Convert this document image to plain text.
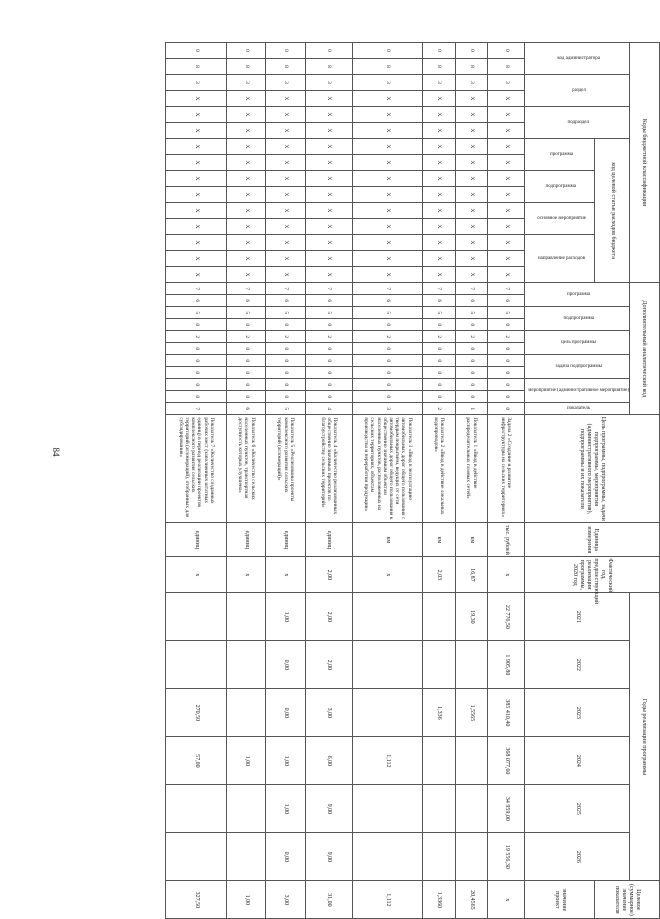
84
Коды бюджетной классификации															Дополнительный аналитический код											Цель программы, подпрограммы, задачи подпрограммы, мероприятия (административного мероприятия), подпрограммы и их показатели	Единица измерения	Фактический год, предшествующий реализации программы, 2020 год	Годы реализации программы						Целевое (суммарное) значение показателя
код администратора		раздел		подраздел		код целевой статьи расходов бюджета									программа		подпрограмма		цель программы		задача подпрограммы		мероприятие (административное мероприятие)		показатель				2021	2022	2023	2024	2025	2026	
						программа		подпрограмма		основное мероприятие		направление расходов																							значение проект
0	8	3	Х	Х	Х	Х	Х	Х	Х	Х	Х	Х	Х	Х	7	6	5	0	2	0	0	0	0	0	0	Задача 2 «Создание и развитие инфраструктуры на сельских территориях»	тыс. рублей	х	22 776,50	1 905,80	385 410,40	368 077,60	34 959,00	19 556,30	х
0	8	3	Х	Х	Х	Х	Х	Х	Х	Х	Х	Х	Х	Х	7	6	5	0	2	0	0	0	0	0	1	Показатель 1 «Ввод в действие распределительных газовых сетей»	км	16,87	19,30		1,5565				20,4565
0	8	3	Х	Х	Х	Х	Х	Х	Х	Х	Х	Х	Х	Х	7	6	5	0	2	0	0	0	0	0	2	Показатель 2 «Ввод в действие локальных водопроводов»	км	2,03			1,336				1,3360
0	8	3	Х	Х	Х	Х	Х	Х	Х	Х	Х	Х	Х	Х	7	6	5	0	2	0	0	0	0	0	3	Показатель 3 «Ввод в эксплуатацию автомобильных дорог общего пользования с твердым покрытием, ведущих от сети автомобильных дорог общего пользования к общественно значимым объектам населенных пунктов, расположенных на сельских территориях, объектам производства и переработки продукции»	км	х				1,112			1,112
0	8	3	Х	Х	Х	Х	Х	Х	Х	Х	Х	Х	Х	Х	7	6	5	0	2	0	0	0	0	0	4	Показатель 4 «Количество реализованных общественно значимых проектов по благоустройству сельских территорий»	единиц	2,00	2,00	2,00	3,00	6,00	9,00	9,00	31,00
0	8	3	Х	Х	Х	Х	Х	Х	Х	Х	Х	Х	Х	Х	7	6	5	0	2	0	0	0	0	0	5	Показатель 5 «Реализованы проекты комплексного развития сельских территорий (агломераций)»	единиц	х	1,00	0,00	0,00	1,00	1,00	0,00	3,00
0	8	3	Х	Х	Х	Х	Х	Х	Х	Х	Х	Х	Х	Х	7	6	5	0	2	0	0	0	0	0	6	Показатель 6 «Количество сельских населенных пунктов, транспортная доступность которых улучшена»	единиц	х				1,00			1,00
0	8	3	Х	Х	Х	Х	Х	Х	Х	Х	Х	Х	Х	Х	7	6	5	0	2	0	0	0	0	0	7	Показатель 7 «Количество созданных рабочих мест (заполненных штатных единиц) в период реализации проектов комплексного развития сельских территорий (агломераций), отобранных для субсидирования»	единиц	х			270,50	57,00			327,50
